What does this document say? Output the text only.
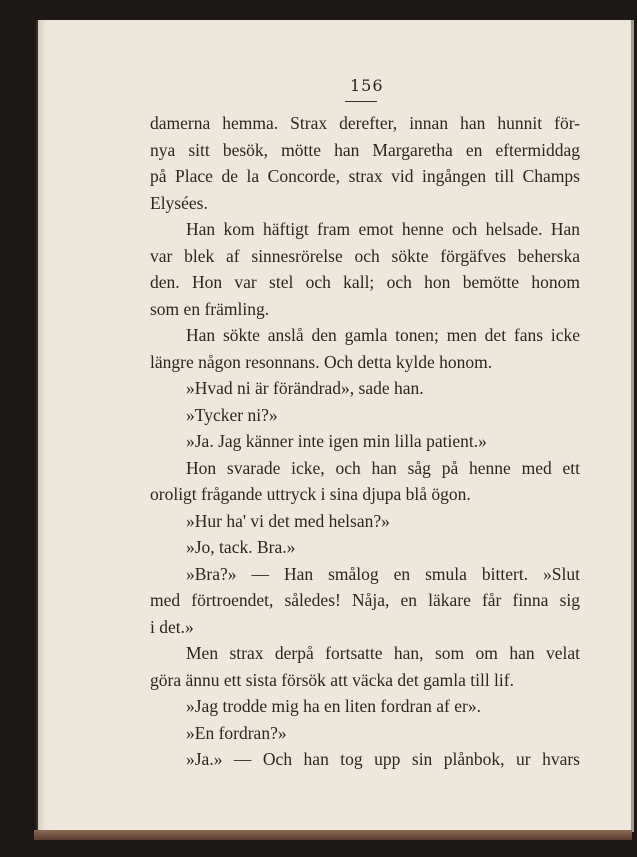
156

damerna hemma. Strax derefter, innan han hunnit för-

nya sitt besök, mötte han Margaretha en eftermiddag

på Place de la Concorde, strax vid ingången till Champs

Elysées.

Han kom häftigt fram emot henne och helsade. Han

var blek af sinnesrörelse och sökte förgäfves beherska

den. Hon var stel och kall; och hon bemötte honom

som en främling.

Han sökte anslå den gamla tonen; men det fans icke

längre någon resonnans. Och detta kylde honom.

»Hvad ni är förändrad», sade han.

»Tycker ni?»

»Ja. Jag känner inte igen min lilla patient.»

Hon svarade icke, och han såg på henne med ett

oroligt frågande uttryck i sina djupa blå ögon.

»Hur ha' vi det med helsan?»

»Jo, tack. Bra.»

»Bra?» — Han smålog en smula bittert. »Slut

med förtroendet, således! Nåja, en läkare får finna sig

i det.»

Men strax derpå fortsatte han, som om han velat

göra ännu ett sista försök att väcka det gamla till lif.

»Jag trodde mig ha en liten fordran af er».

»En fordran?»

»Ja.» — Och han tog upp sin plånbok, ur hvars
